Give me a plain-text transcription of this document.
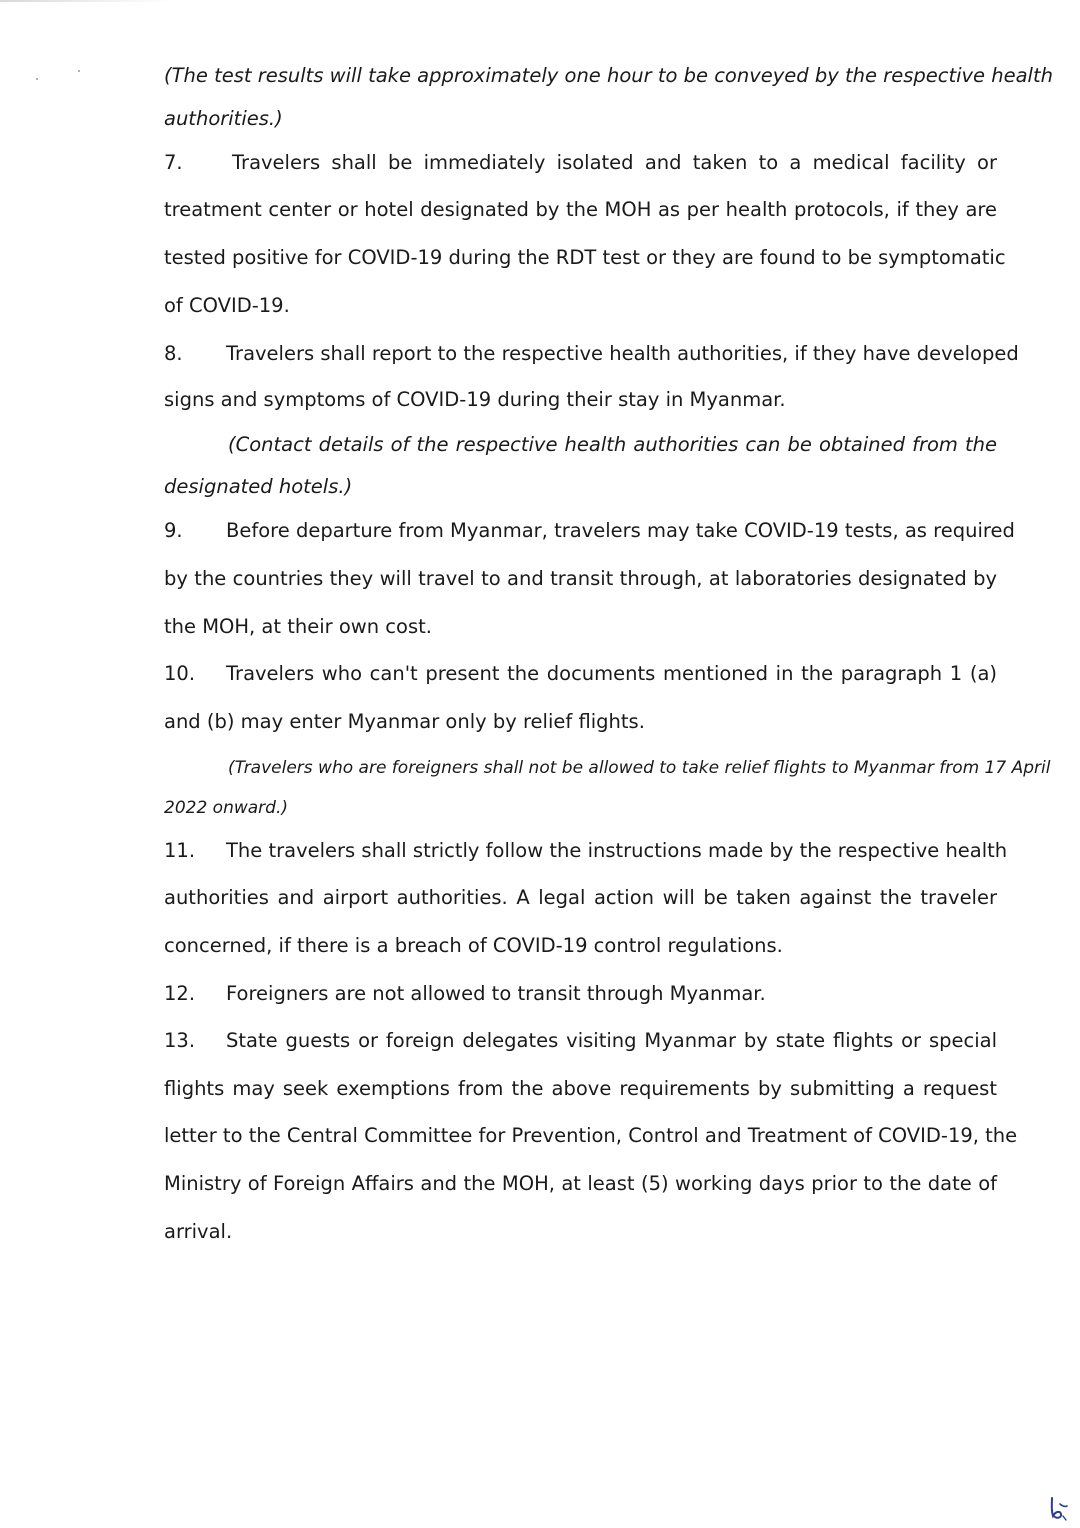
(The test results will take approximately one hour to be conveyed by the respective health
authorities.)
7.	Travelers shall be immediately isolated and taken to a medical facility or
treatment center or hotel designated by the MOH as per health protocols, if they are
tested positive for COVID-19 during the RDT test or they are found to be symptomatic
of COVID-19.
8. Travelers shall report to the respective health authorities, if they have developed
signs and symptoms of COVID-19 during their stay in Myanmar.
(Contact details of the respective health authorities can be obtained from the
designated hotels.)
9. Before departure from Myanmar, travelers may take COVID-19 tests, as required
by the countries they will travel to and transit through, at laboratories designated by
the MOH, at their own cost.
10. Travelers who can't present the documents mentioned in the paragraph 1 (a)
and (b) may enter Myanmar only by relief flights.
(Travelers who are foreigners shall not be allowed to take relief flights to Myanmar from 17 April
2022 onward.)
11. The travelers shall strictly follow the instructions made by the respective health
authorities and airport authorities. A legal action will be taken against the traveler
concerned, if there is a breach of COVID-19 control regulations.
12. Foreigners are not allowed to transit through Myanmar.
13. State guests or foreign delegates visiting Myanmar by state flights or special
flights may seek exemptions from the above requirements by submitting a request
letter to the Central Committee for Prevention, Control and Treatment of COVID-19, the
Ministry of Foreign Affairs and the MOH, at least (5) working days prior to the date of
arrival.
